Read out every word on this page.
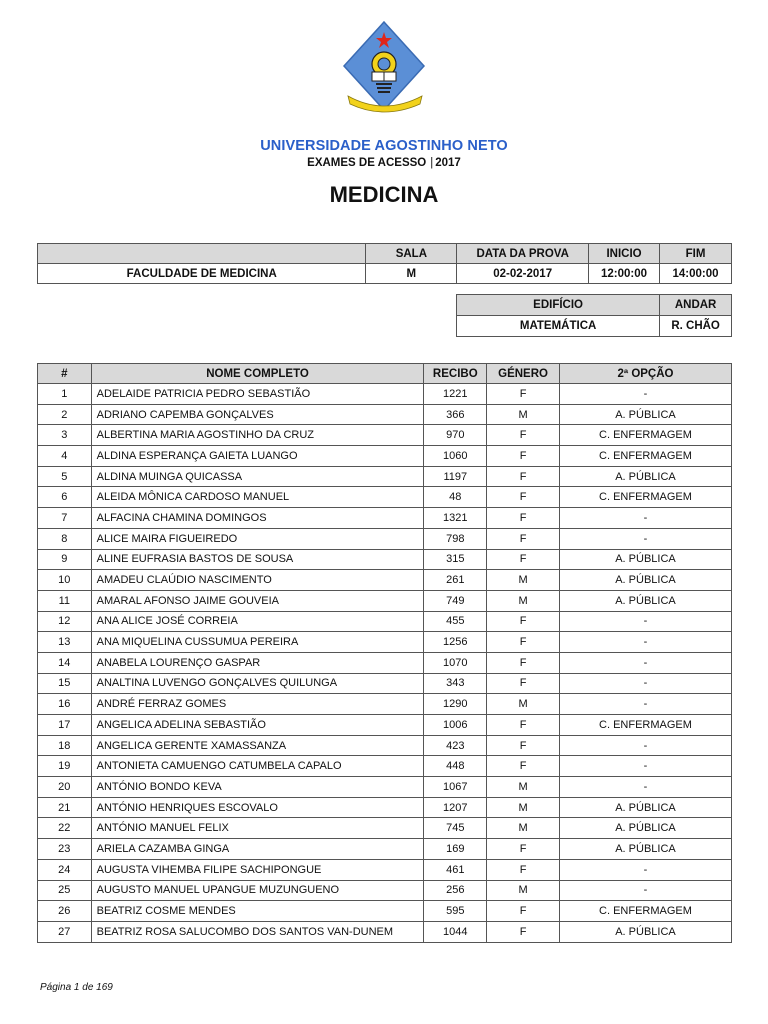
UNIVERSIDADE AGOSTINHO NETO
EXAMES DE ACESSO | 2017
MEDICINA
	SALA	DATA DA PROVA	INICIO	FIM
FACULDADE DE MEDICINA	M	02-02-2017	12:00:00	14:00:00
EDIFÍCIO	ANDAR
MATEMÁTICA	R. CHÃO
#	NOME COMPLETO	RECIBO	GÉNERO	2ª OPÇÃO
1	ADELAIDE PATRICIA PEDRO SEBASTIÃO	1221	F	-
2	ADRIANO CAPEMBA GONÇALVES	366	M	A. PÚBLICA
3	ALBERTINA MARIA AGOSTINHO DA CRUZ	970	F	C. ENFERMAGEM
4	ALDINA ESPERANÇA GAIETA LUANGO	1060	F	C. ENFERMAGEM
5	ALDINA MUINGA QUICASSA	1197	F	A. PÚBLICA
6	ALEIDA MÔNICA CARDOSO MANUEL	48	F	C. ENFERMAGEM
7	ALFACINA CHAMINA DOMINGOS	1321	F	-
8	ALICE MAIRA FIGUEIREDO	798	F	-
9	ALINE EUFRASIA BASTOS DE SOUSA	315	F	A. PÚBLICA
10	AMADEU CLAÚDIO NASCIMENTO	261	M	A. PÚBLICA
11	AMARAL AFONSO JAIME GOUVEIA	749	M	A. PÚBLICA
12	ANA ALICE JOSÉ CORREIA	455	F	-
13	ANA MIQUELINA CUSSUMUA PEREIRA	1256	F	-
14	ANABELA LOURENÇO GASPAR	1070	F	-
15	ANALTINA LUVENGO GONÇALVES QUILUNGA	343	F	-
16	ANDRÉ FERRAZ GOMES	1290	M	-
17	ANGELICA ADELINA SEBASTIÃO	1006	F	C. ENFERMAGEM
18	ANGELICA GERENTE XAMASSANZA	423	F	-
19	ANTONIETA CAMUENGO CATUMBELA CAPALO	448	F	-
20	ANTÓNIO BONDO KEVA	1067	M	-
21	ANTÓNIO HENRIQUES ESCOVALO	1207	M	A. PÚBLICA
22	ANTÓNIO MANUEL FELIX	745	M	A. PÚBLICA
23	ARIELA CAZAMBA GINGA	169	F	A. PÚBLICA
24	AUGUSTA VIHEMBA FILIPE SACHIPONGUE	461	F	-
25	AUGUSTO MANUEL UPANGUE MUZUNGUENO	256	M	-
26	BEATRIZ COSME MENDES	595	F	C. ENFERMAGEM
27	BEATRIZ ROSA SALUCOMBO DOS SANTOS VAN-DUNEM	1044	F	A. PÚBLICA
Página 1 de 169
